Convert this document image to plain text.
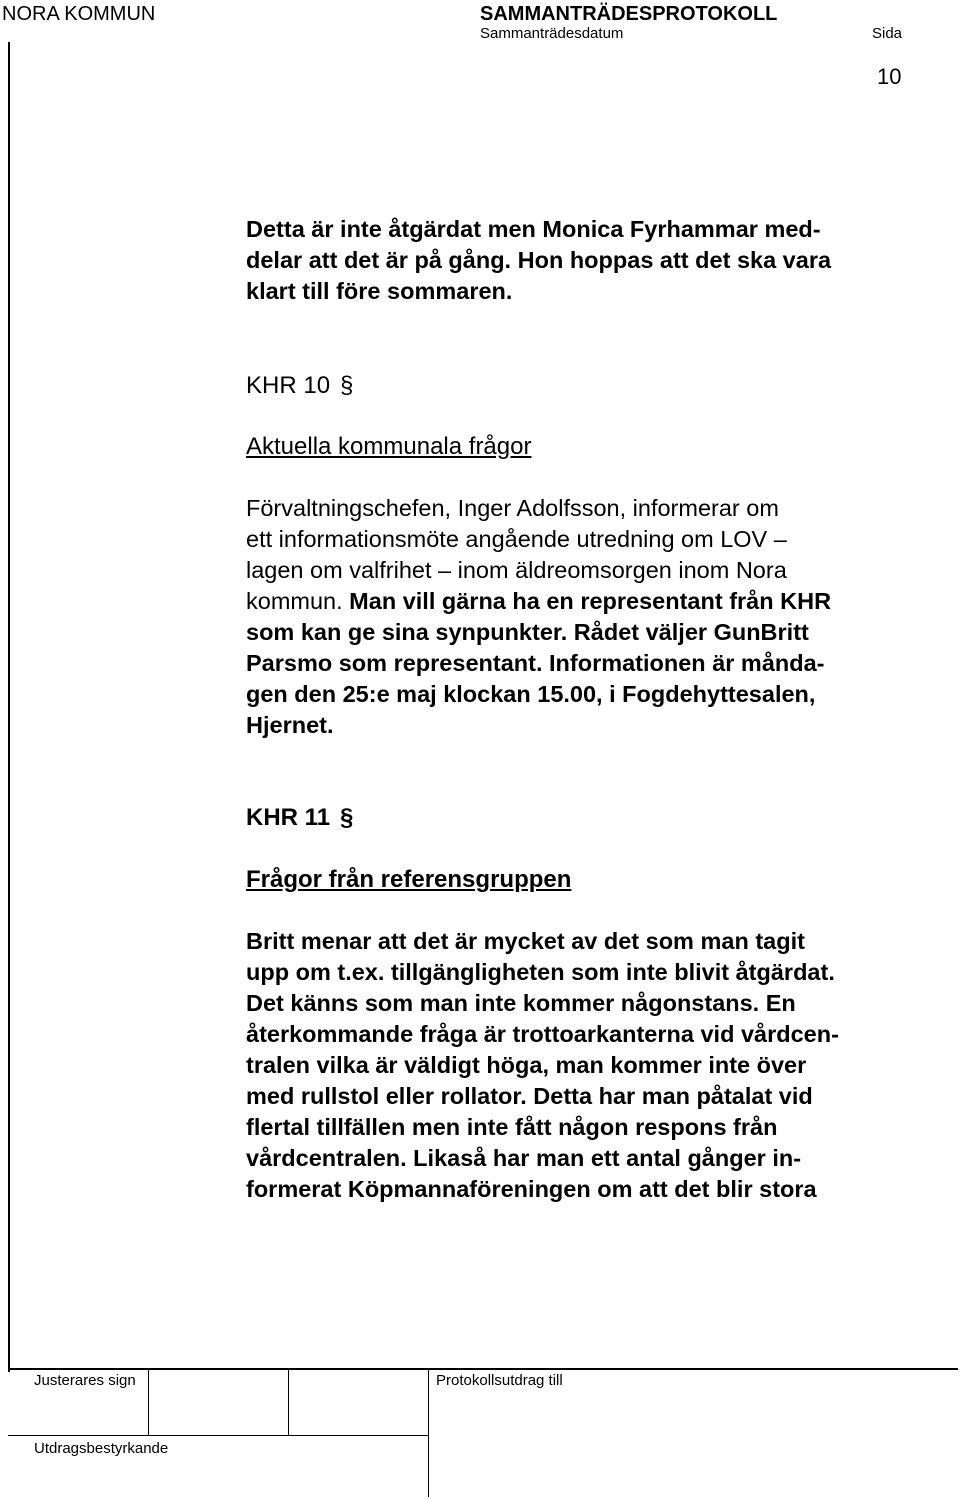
NORA KOMMUN	SAMMANTRÄDESPROTOKOLL
Sammanträdesdatum	Sida
10
Detta är inte åtgärdat men Monica Fyrhammar med-
delar att det är på gång. Hon hoppas att det ska vara
klart till före sommaren.
KHR 10 §
Aktuella kommunala frågor
Förvaltningschefen, Inger Adolfsson, informerar om
ett informationsmöte angående utredning om LOV –
lagen om valfrihet – inom äldreomsorgen inom Nora
kommun. Man vill gärna ha en representant från KHR
som kan ge sina synpunkter. Rådet väljer GunBritt
Parsmo som representant. Informationen är månda-
gen den 25:e maj klockan 15.00, i Fogdehyttesalen,
Hjernet.
KHR 11 §
Frågor från referensgruppen
Britt menar att det är mycket av det som man tagit
upp om t.ex. tillgängligheten som inte blivit åtgärdat.
Det känns som man inte kommer någonstans. En
återkommande fråga är trottoarkanterna vid vårdcen-
tralen vilka är väldigt höga, man kommer inte över
med rullstol eller rollator. Detta har man påtalat vid
flertal tillfällen men inte fått någon respons från
vårdcentralen. Likaså har man ett antal gånger in-
formerat Köpmannaföreningen om att det blir stora
Justerares sign	Protokollsutdrag till
Utdragsbestyrkande
